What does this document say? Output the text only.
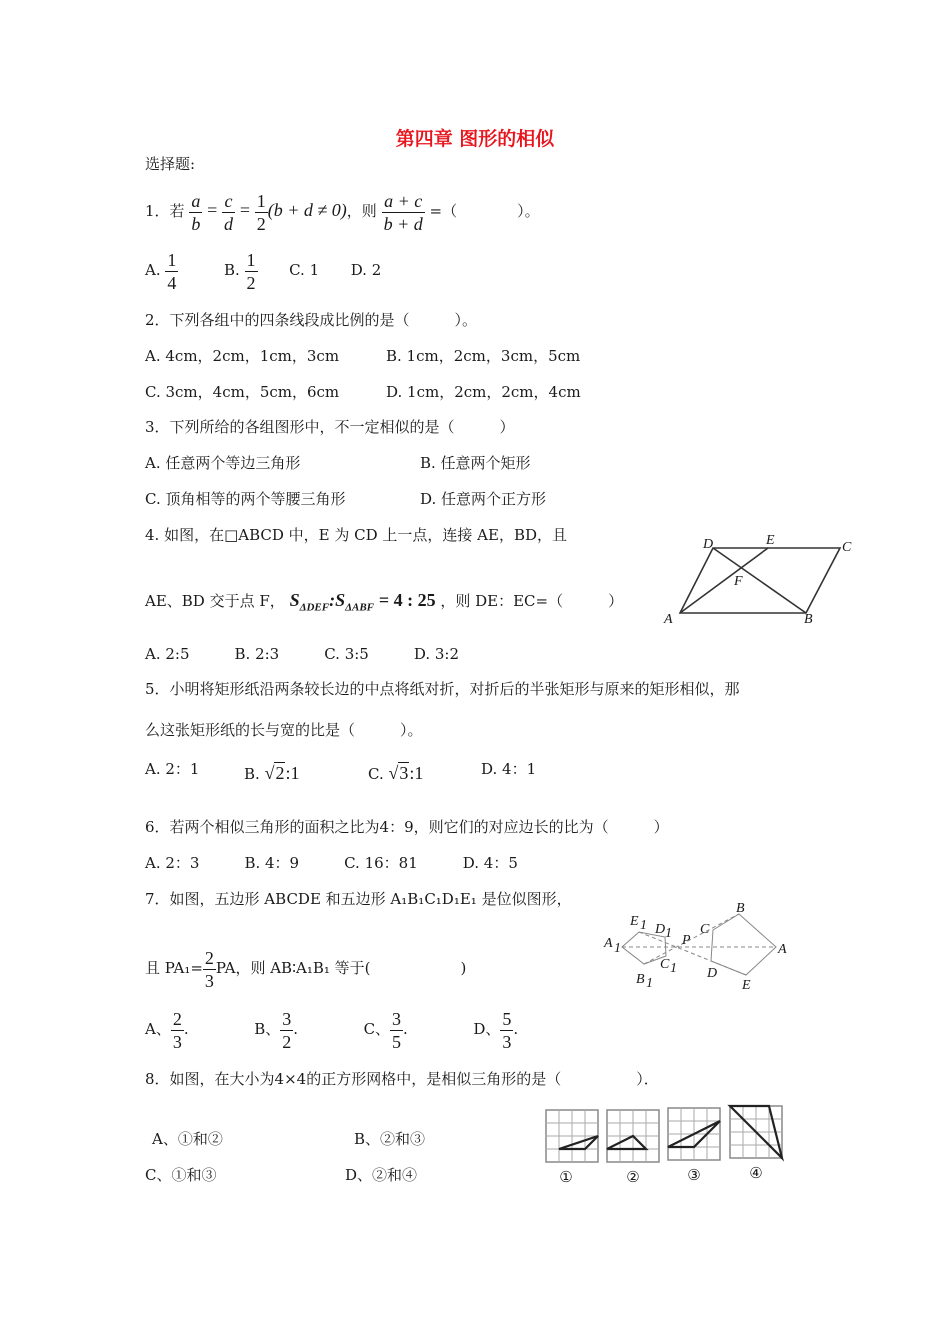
第四章 图形的相似
选择题:
1．若 $\frac{a}{b} = \frac{c}{d} = \frac{1}{2} (b + d \ne 0)$，则 $\frac{a + c}{b + d}$ =（　　　　）。
A. $\frac{1}{4}$	B. $\frac{1}{2} C$. 1 D. 2
2．下列各组中的四条线段成比例的是（　　　）。
A. 4cm，2cm，1cm，3cm	B. 1cm，2cm，3cm，5cm
C. 3cm，4cm，5cm，6cm	D. 1cm，2cm，2cm，4cm
3．下列所给的各组图形中，不一定相似的是（　　　）
A. 任意两个等边三角形	B. 任意两个矩形
C. 顶角相等的两个等腰三角形	D. 任意两个正方形
4. 如图，在□ABCD 中，E 为 CD 上一点，连接 AE，BD，且
AE、BD 交于点 F， $S_{\Delta DEF}:S_{\Delta ABF} = 4$ : 25 ，则 DE：EC=（　　　）
A. 2:5　　　B. 2:3　　　C. 3:5　　　D. 3:2
A	B
C
D	E
F
5．小明将矩形纸沿两条较长边的中点将纸对折，对折后的半张矩形与原来的矩形相似，那
么这张矩形纸的长与宽的比是（　　　）。
A. 2：1	B. √2:1	C. √3:1	D. 4：1
6．若两个相似三角形的面积之比为4：9，则它们的对应边长的比为（　　　）
A. 2：3　　　B. 4：9　　　C. 16：81　　　D. 4：5
7．如图，五边形 ABCDE 和五边形 A₁B₁C₁D₁E₁ 是位似图形，
且 $PA_1= \frac{2}{3}$ PA，则 AB∶A₁B₁ 等于(　　　　　　)
A、 $\frac{2}{3}$ .	B、 $\frac{3}{2}$ .	C、 $\frac{3}{5}$ .	D、 $\frac{5}{3}$ .
A
B
C
D
E
P
A 1
E 1 D 1
C 1
B 1
8．如图，在大小为4×4的正方形网格中，是相似三角形的是（　　　　　）．
A、①和②	B、②和③
C、①和③	D、②和④	①	②	③	④
